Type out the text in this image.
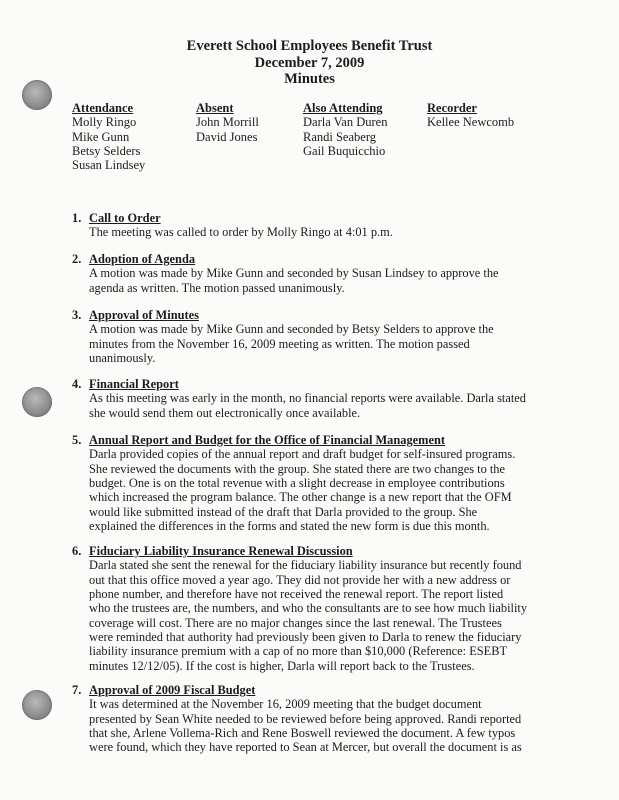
Everett School Employees Benefit Trust
December 7, 2009
Minutes
Attendance
Molly Ringo
Mike Gunn
Betsy Selders
Susan Lindsey
Absent
John Morrill
David Jones
Also Attending
Darla Van Duren
Randi Seaberg
Gail Buquicchio
Recorder
Kellee Newcomb
1. Call to Order
The meeting was called to order by Molly Ringo at 4:01 p.m.
2. Adoption of Agenda
A motion was made by Mike Gunn and seconded by Susan Lindsey to approve the
agenda as written. The motion passed unanimously.
3. Approval of Minutes
A motion was made by Mike Gunn and seconded by Betsy Selders to approve the
minutes from the November 16, 2009 meeting as written. The motion passed
unanimously.
4. Financial Report
As this meeting was early in the month, no financial reports were available. Darla stated
she would send them out electronically once available.
5. Annual Report and Budget for the Office of Financial Management
Darla provided copies of the annual report and draft budget for self-insured programs.
She reviewed the documents with the group. She stated there are two changes to the
budget. One is on the total revenue with a slight decrease in employee contributions
which increased the program balance. The other change is a new report that the OFM
would like submitted instead of the draft that Darla provided to the group. She
explained the differences in the forms and stated the new form is due this month.
6. Fiduciary Liability Insurance Renewal Discussion
Darla stated she sent the renewal for the fiduciary liability insurance but recently found
out that this office moved a year ago. They did not provide her with a new address or
phone number, and therefore have not received the renewal report. The report listed
who the trustees are, the numbers, and who the consultants are to see how much liability
coverage will cost. There are no major changes since the last renewal. The Trustees
were reminded that authority had previously been given to Darla to renew the fiduciary
liability insurance premium with a cap of no more than $10,000 (Reference: ESEBT
minutes 12/12/05). If the cost is higher, Darla will report back to the Trustees.
7. Approval of 2009 Fiscal Budget
It was determined at the November 16, 2009 meeting that the budget document
presented by Sean White needed to be reviewed before being approved. Randi reported
that she, Arlene Vollema-Rich and Rene Boswell reviewed the document. A few typos
were found, which they have reported to Sean at Mercer, but overall the document is as
